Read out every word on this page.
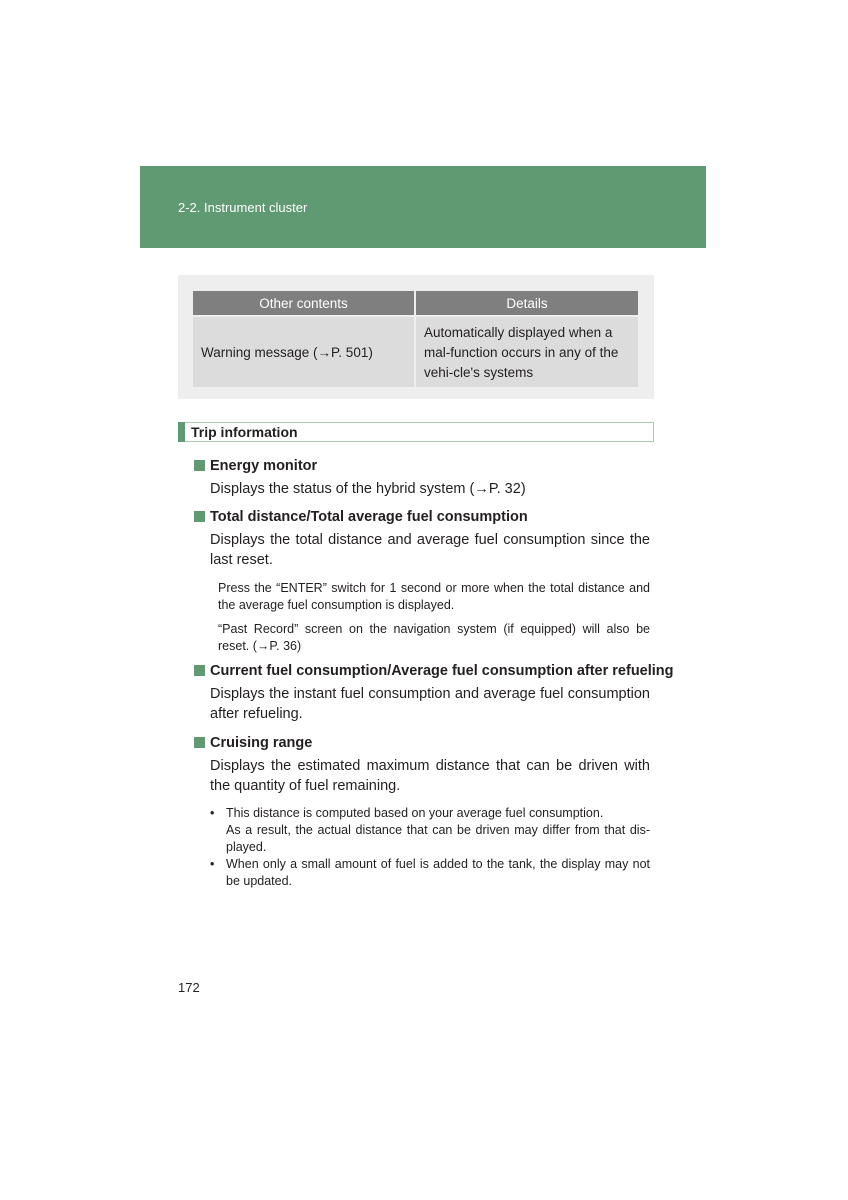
2-2. Instrument cluster
Other contents	Details
Warning message (→P. 501)	Automatically displayed when a mal-function occurs in any of the vehi-cle's systems
Trip information
Energy monitor
Displays the status of the hybrid system (→P. 32)
Total distance/Total average fuel consumption
Displays the total distance and average fuel consumption since the last reset.
Press the “ENTER” switch for 1 second or more when the total distance and the average fuel consumption is displayed.
“Past Record” screen on the navigation system (if equipped) will also be reset. (→P. 36)
Current fuel consumption/Average fuel consumption after refueling
Displays the instant fuel consumption and average fuel consumption after refueling.
Cruising range
Displays the estimated maximum distance that can be driven with the quantity of fuel remaining.
• This distance is computed based on your average fuel consumption.
As a result, the actual distance that can be driven may differ from that dis-played.
• When only a small amount of fuel is added to the tank, the display may not be updated.
172
